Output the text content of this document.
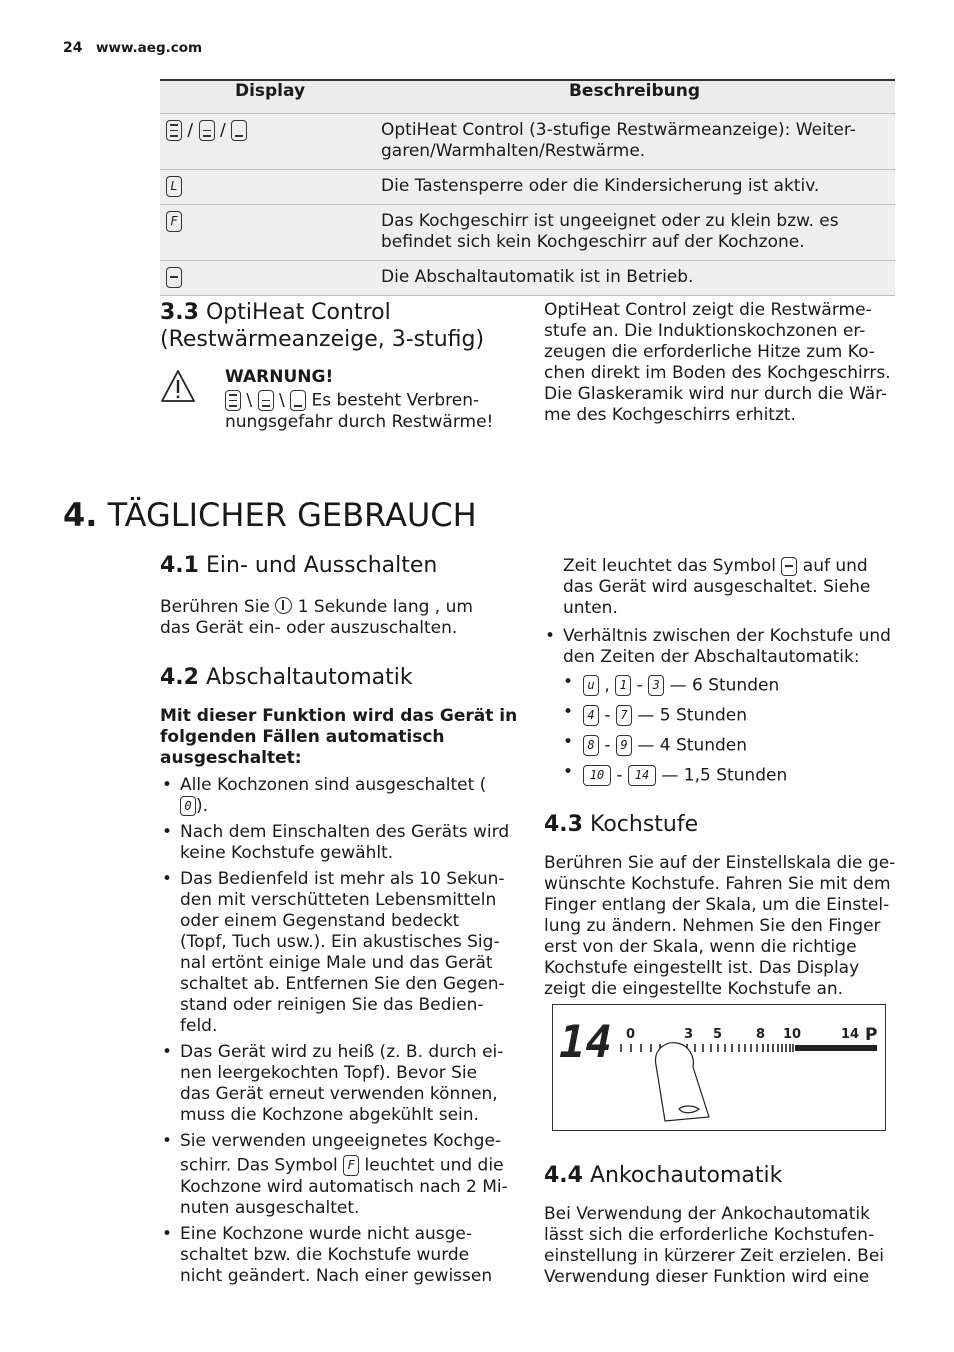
24 www.aeg.com
Display	Beschreibung

/ /	OptiHeat Control (3-stufige Restwärmeanzeige): Weiter-garen/Warmhalten/Restwärme.
L	Die Tastensperre oder die Kindersicherung ist aktiv.
F	Das Kochgeschirr ist ungeeignet oder zu klein bzw. es befindet sich kein Kochgeschirr auf der Kochzone.

	Die Abschaltautomatik ist in Betrieb.
3.3 OptiHeat Control
(Restwärmeanzeige, 3-stufig)
WARNUNG!
\ \ Es besteht Verbren-
nungsgefahr durch Restwärme!
OptiHeat Control zeigt die Restwärme-
stufe an. Die Induktionskochzonen er-
zeugen die erforderliche Hitze zum Ko-
chen direkt im Boden des Kochgeschirrs.
Die Glaskeramik wird nur durch die Wär-
me des Kochgeschirrs erhitzt.
4. TÄGLICHER GEBRAUCH
4.1 Ein- und Ausschalten
Berühren Sie 1 Sekunde lang , um
das Gerät ein- oder auszuschalten.
4.2 Abschaltautomatik
Mit dieser Funktion wird das Gerät in
folgenden Fällen automatisch
ausgeschaltet:
• Alle Kochzonen sind ausgeschaltet (
0 ).
• Nach dem Einschalten des Geräts wird
keine Kochstufe gewählt.
• Das Bedienfeld ist mehr als 10 Sekun-
den mit verschütteten Lebensmitteln
oder einem Gegenstand bedeckt
(Topf, Tuch usw.). Ein akustisches Sig-
nal ertönt einige Male und das Gerät
schaltet ab. Entfernen Sie den Gegen-
stand oder reinigen Sie das Bedien-
feld.
• Das Gerät wird zu heiß (z. B. durch ei-
nen leergekochten Topf). Bevor Sie
das Gerät erneut verwenden können,
muss die Kochzone abgekühlt sein.
• Sie verwenden ungeeignetes Kochge-
schirr. Das Symbol F leuchtet und die
Kochzone wird automatisch nach 2 Mi-
nuten ausgeschaltet.
• Eine Kochzone wurde nicht ausge-
schaltet bzw. die Kochstufe wurde
nicht geändert. Nach einer gewissen
Zeit leuchtet das Symbol auf und
das Gerät wird ausgeschaltet. Siehe
unten.
• Verhältnis zwischen der Kochstufe und
den Zeiten der Abschaltautomatik:
• u , 1 - 3 — 6 Stunden
• 4 - 7 — 5 Stunden
• 8 - 9 — 4 Stunden
• 10 - 14 — 1,5 Stunden
4.3 Kochstufe
Berühren Sie auf der Einstellskala die ge-
wünschte Kochstufe. Fahren Sie mit dem
Finger entlang der Skala, um die Einstel-
lung zu ändern. Nehmen Sie den Finger
erst von der Skala, wenn die richtige
Kochstufe eingestellt ist. Das Display
zeigt die eingestellte Kochstufe an.
14 0	3 5	8 10	14 P
4.4 Ankochautomatik
Bei Verwendung der Ankochautomatik
lässt sich die erforderliche Kochstufen-
einstellung in kürzerer Zeit erzielen. Bei
Verwendung dieser Funktion wird eine
